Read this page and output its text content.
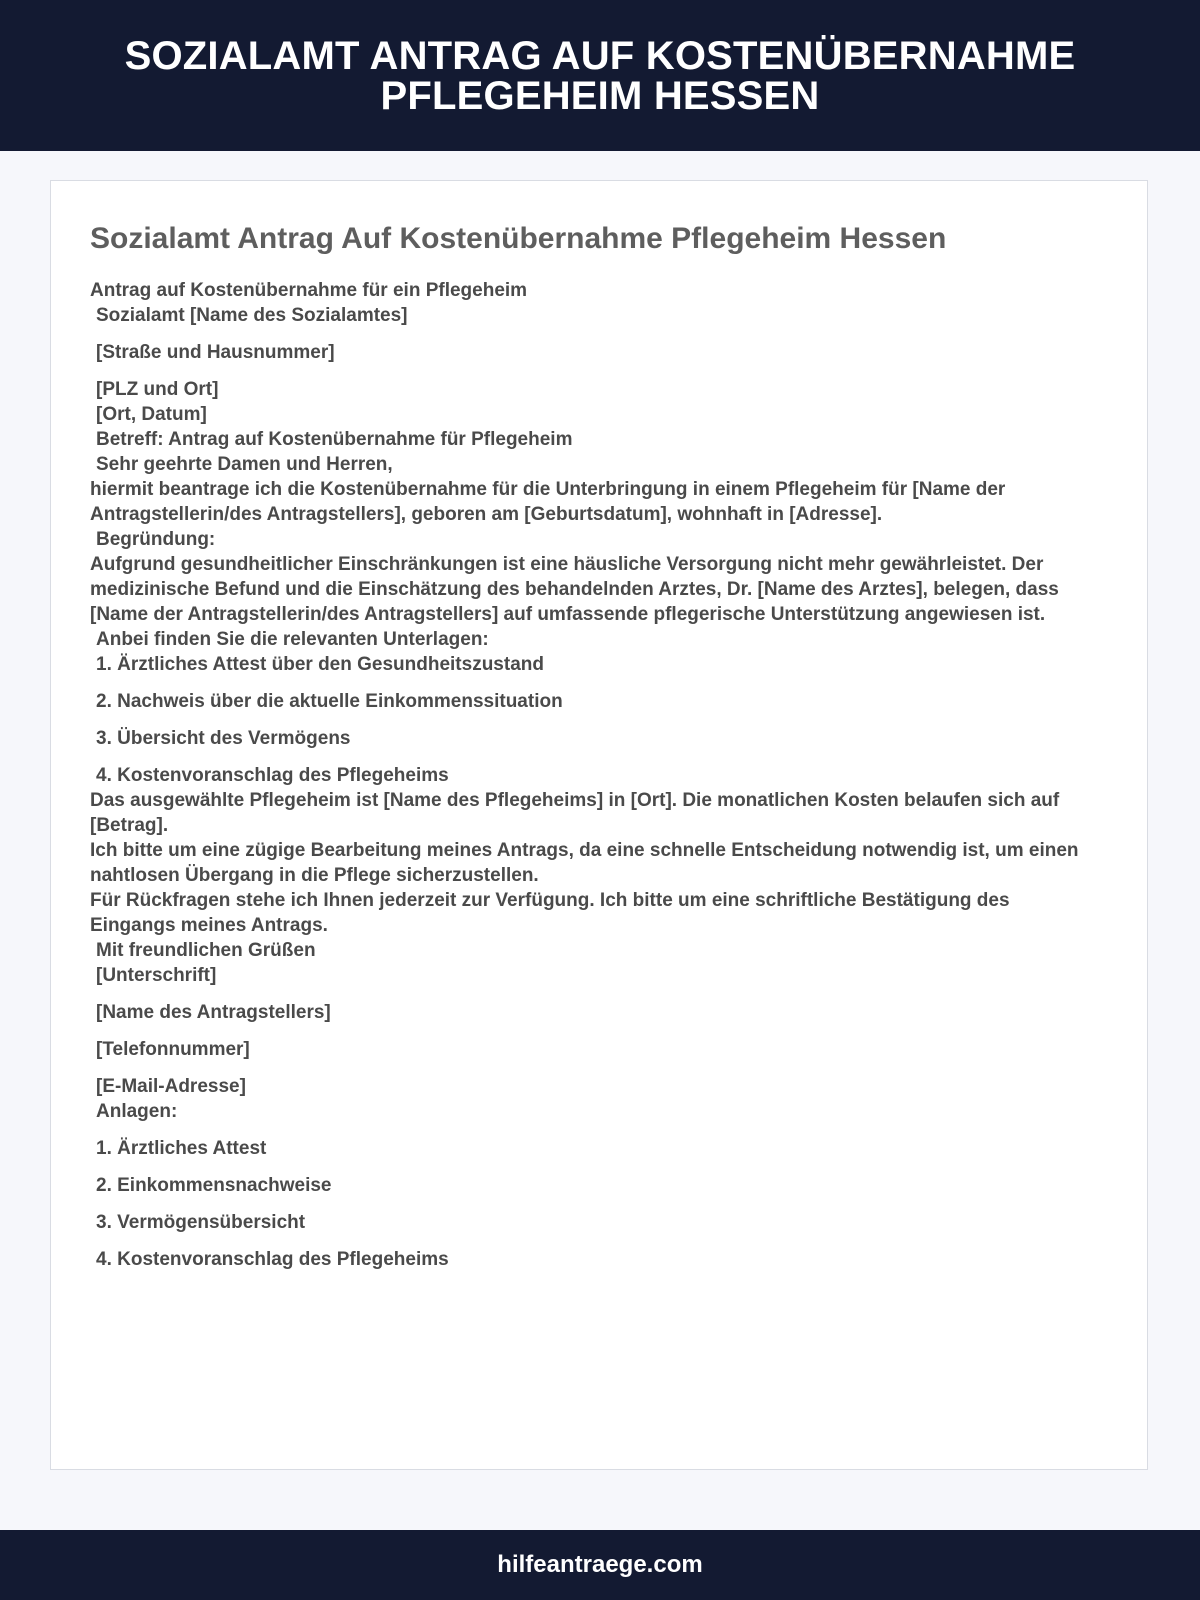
SOZIALAMT ANTRAG AUF KOSTENÜBERNAHME PFLEGEHEIM HESSEN
Sozialamt Antrag Auf Kostenübernahme Pflegeheim Hessen
Antrag auf Kostenübernahme für ein Pflegeheim
Sozialamt [Name des Sozialamtes]
[Straße und Hausnummer]
[PLZ und Ort]
[Ort, Datum]
Betreff: Antrag auf Kostenübernahme für Pflegeheim
Sehr geehrte Damen und Herren,
hiermit beantrage ich die Kostenübernahme für die Unterbringung in einem Pflegeheim für [Name der Antragstellerin/des Antragstellers], geboren am [Geburtsdatum], wohnhaft in [Adresse].
Begründung:
Aufgrund gesundheitlicher Einschränkungen ist eine häusliche Versorgung nicht mehr gewährleistet. Der medizinische Befund und die Einschätzung des behandelnden Arztes, Dr. [Name des Arztes], belegen, dass [Name der Antragstellerin/des Antragstellers] auf umfassende pflegerische Unterstützung angewiesen ist.
Anbei finden Sie die relevanten Unterlagen:
1. Ärztliches Attest über den Gesundheitszustand
2. Nachweis über die aktuelle Einkommenssituation
3. Übersicht des Vermögens
4. Kostenvoranschlag des Pflegeheims
Das ausgewählte Pflegeheim ist [Name des Pflegeheims] in [Ort]. Die monatlichen Kosten belaufen sich auf [Betrag].
Ich bitte um eine zügige Bearbeitung meines Antrags, da eine schnelle Entscheidung notwendig ist, um einen nahtlosen Übergang in die Pflege sicherzustellen.
Für Rückfragen stehe ich Ihnen jederzeit zur Verfügung. Ich bitte um eine schriftliche Bestätigung des Eingangs meines Antrags.
Mit freundlichen Grüßen
[Unterschrift]
[Name des Antragstellers]
[Telefonnummer]
[E-Mail-Adresse]
Anlagen:
1. Ärztliches Attest
2. Einkommensnachweise
3. Vermögensübersicht
4. Kostenvoranschlag des Pflegeheims
hilfeantraege.com
